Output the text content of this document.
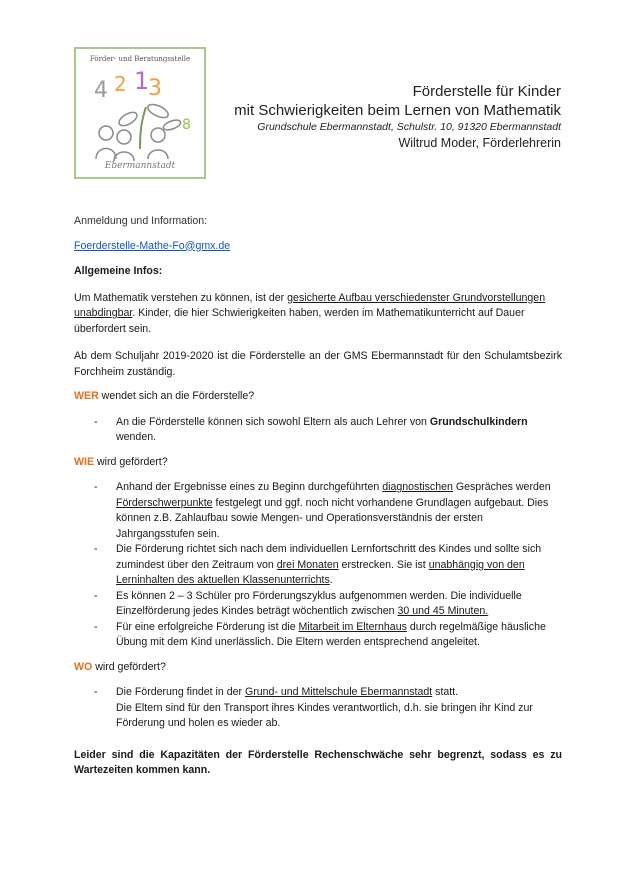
Förder- und Beratungsstelle
4 2 1
3
8
Ebermannstadt
Förderstelle für Kinder
mit Schwierigkeiten beim Lernen von Mathematik
Grundschule Ebermannstadt, Schulstr. 10, 91320 Ebermannstadt
Wiltrud Moder, Förderlehrerin

Anmeldung und Information:

Foerderstelle-Mathe-Fo@gmx.de

Allgemeine Infos:

Um Mathematik verstehen zu können, ist der gesicherte Aufbau verschiedenster Grundvorstellungen unabdingbar. Kinder, die hier Schwierigkeiten haben, werden im Mathematikunterricht auf Dauer überfordert sein.

Ab dem Schuljahr 2019-2020 ist die Förderstelle an der GMS Ebermannstadt für den Schulamtsbezirk Forchheim zuständig.

WER wendet sich an die Förderstelle?

- An die Förderstelle können sich sowohl Eltern als auch Lehrer von Grundschulkindern wenden.

WIE wird gefördert?

- Anhand der Ergebnisse eines zu Beginn durchgeführten diagnostischen Gespräches werden Förderschwerpunkte festgelegt und ggf. noch nicht vorhandene Grundlagen aufgebaut. Dies können z.B. Zahlaufbau sowie Mengen- und Operationsverständnis der ersten Jahrgangsstufen sein.
- Die Förderung richtet sich nach dem individuellen Lernfortschritt des Kindes und sollte sich zumindest über den Zeitraum von drei Monaten erstrecken. Sie ist unabhängig von den Lerninhalten des aktuellen Klassenunterrichts.
- Es können 2 – 3 Schüler pro Förderungszyklus aufgenommen werden. Die individuelle Einzelförderung jedes Kindes beträgt wöchentlich zwischen 30 und 45 Minuten.
- Für eine erfolgreiche Förderung ist die Mitarbeit im Elternhaus durch regelmäßige häusliche Übung mit dem Kind unerlässlich. Die Eltern werden entsprechend angeleitet.

WO wird gefördert?

- Die Förderung findet in der Grund- und Mittelschule Ebermannstadt statt.
Die Eltern sind für den Transport ihres Kindes verantwortlich, d.h. sie bringen ihr Kind zur Förderung und holen es wieder ab.

Leider sind die Kapazitäten der Förderstelle Rechenschwäche sehr begrenzt, sodass es zu Wartezeiten kommen kann.
